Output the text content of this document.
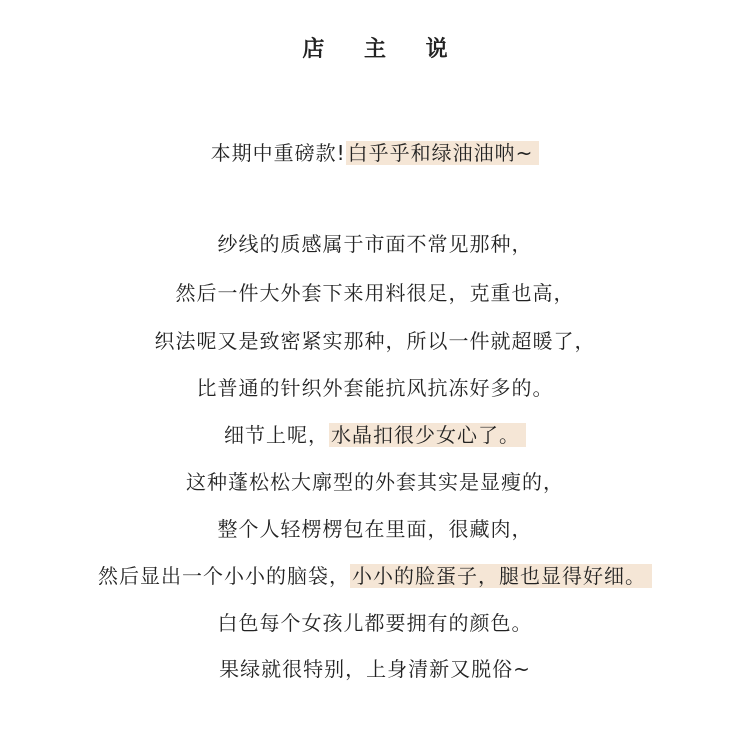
店 主 说
本期中重磅款! 白乎乎和绿油油呐~
纱线的质感属于市面不常见那种，
然后一件大外套下来用料很足，克重也高，
织法呢又是致密紧实那种，所以一件就超暖了，
比普通的针织外套能抗风抗冻好多的。
细节上呢， 水晶扣很少女心了。
这种蓬松松大廓型的外套其实是显瘦的，
整个人轻楞楞包在里面，很藏肉，
然后显出一个小小的脑袋， 小小的脸蛋子，腿也显得好细。
白色每个女孩儿都要拥有的颜色。
果绿就很特别，上身清新又脱俗~
